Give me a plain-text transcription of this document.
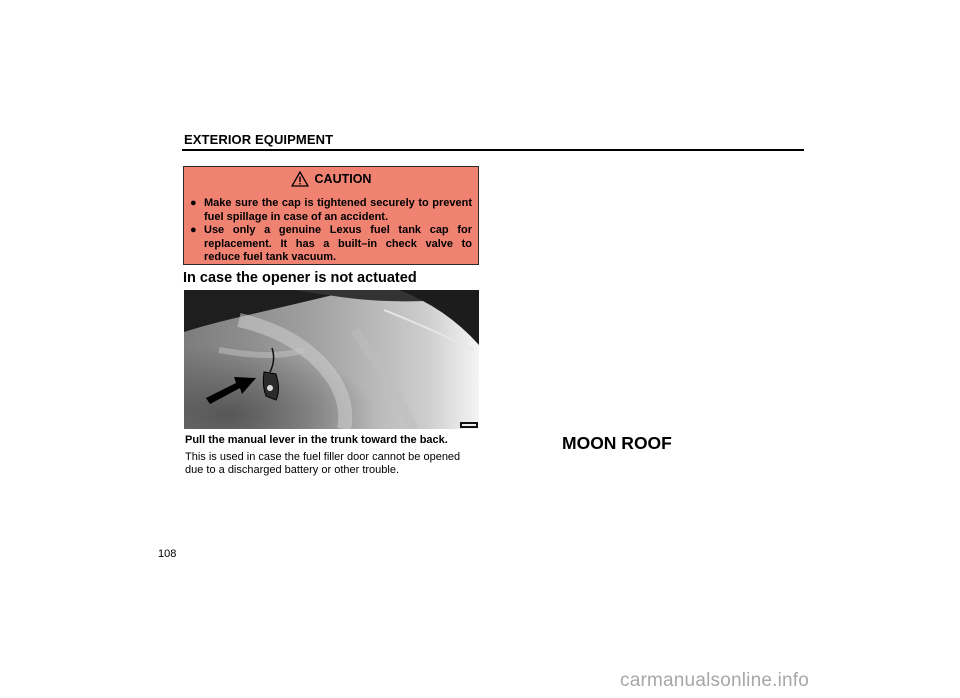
EXTERIOR EQUIPMENT
CAUTION
● Make sure the cap is tightened securely to prevent fuel spillage in case of an accident.
● Use only a genuine Lexus fuel tank cap for replacement. It has a built–in check valve to reduce fuel tank vacuum.
In case the opener is not actuated
Pull the manual lever in the trunk toward the back.
This is used in case the fuel filler door cannot be opened due to a discharged battery or other trouble.
MOON ROOF
108
carmanualsonline.info
